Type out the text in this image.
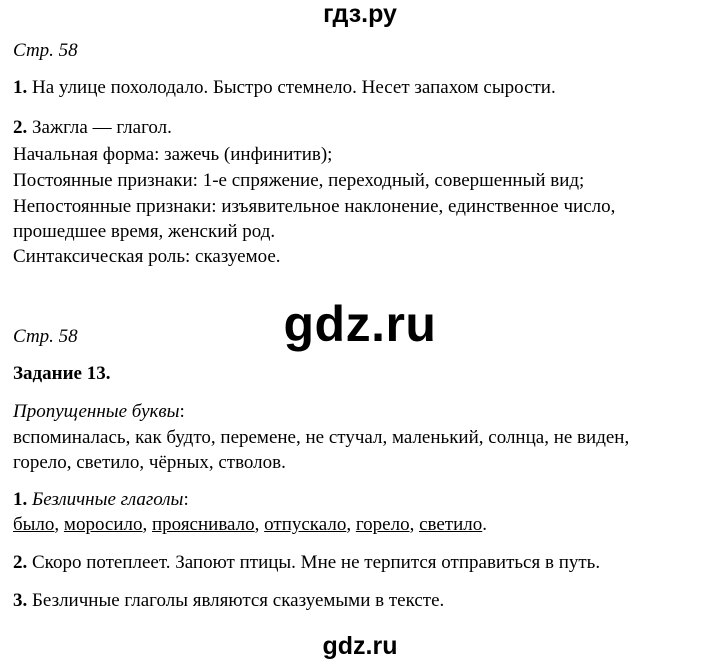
гдз.ру
Стр. 58
1. На улице похолодало. Быстро стемнело. Несет запахом сырости.
2. Зажгла — глагол.
Начальная форма: зажечь (инфинитив);
Постоянные признаки: 1-е спряжение, переходный, совершенный вид;
Непостоянные признаки: изъявительное наклонение, единственное число,
прошедшее время, женский род.
Синтаксическая роль: сказуемое.
gdz.ru
Стр. 58
Задание 13.
Пропущенные буквы:
вспоминалась, как будто, перемене, не стучал, маленький, солнца, не виден,
горело, светило, чёрных, стволов.
1. Безличные глаголы:
было, моросило, прояснивало, отпускало, горело, светило.
2. Скоро потеплеет. Запоют птицы. Мне не терпится отправиться в путь.
3. Безличные глаголы являются сказуемыми в тексте.
gdz.ru
